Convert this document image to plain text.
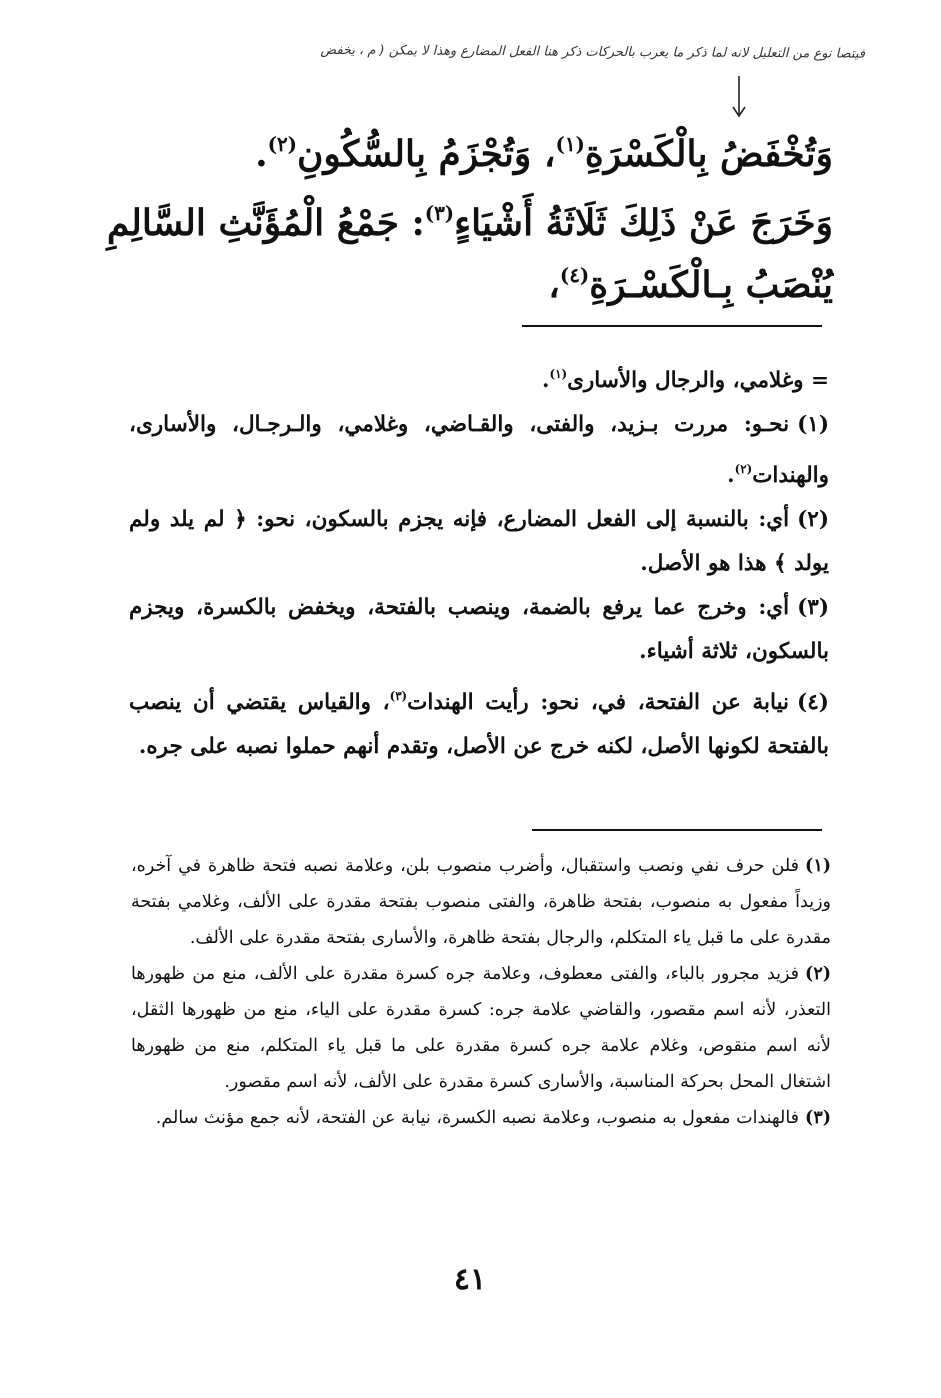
فيتصا نوع من التعليل لانه لما ذكر ما يعرب بالحركات ذكر هنا الفعل المضارع وهذا لا يمكن ( م ، يخفض
وَتُخْفَضُ بِالْكَسْرَةِ$^{(١)}$، وَتُجْزَمُ بِالسُّكُونِ$^{(٢)}$.
وَخَرَجَ عَنْ ذَلِكَ ثَلَاثَةُ أَشْيَاءٍ$^{(٣)}$: جَمْعُ الْمُؤَنَّثِ السَّالِمِ
يُنْصَبُ بِـالْكَسْـرَةِ$^{(٤)}$،

= وغلامي، والرجال والأسارى$^{(١)}$.

(١)نحـو: مررت بـزيد، والفتى، والقـاضي، وغلامي، والـرجـال، والأسارى، والهندات$^{(٢)}$.

(٢)أي: بالنسبة إلى الفعل المضارع، فإنه يجزم بالسكون، نحو: ﴿ لم يلد ولم يولد ﴾ هذا هو الأصل.

(٣)أي: وخرج عما يرفع بالضمة، وينصب بالفتحة، ويخفض بالكسرة، ويجزم بالسكون، ثلاثة أشياء.

(٤)نيابة عن الفتحة، في، نحو: رأيت الهندات$^{(٣)}$، والقياس يقتضي أن ينصب بالفتحة لكونها الأصل، لكنه خرج عن الأصل، وتقدم أنهم حملوا نصبه على جره.

(١)فلن حرف نفي ونصب واستقبال، وأضرب منصوب بلن، وعلامة نصبه فتحة ظاهرة في آخره، وزيداً مفعول به منصوب، بفتحة ظاهرة، والفتى منصوب بفتحة مقدرة على الألف، وغلامي بفتحة مقدرة على ما قبل ياء المتكلم، والرجال بفتحة ظاهرة، والأسارى بفتحة مقدرة على الألف.

(٢)فزيد مجرور بالباء، والفتى معطوف، وعلامة جره كسرة مقدرة على الألف، منع من ظهورها التعذر، لأنه اسم مقصور، والقاضي علامة جره: كسرة مقدرة على الياء، منع من ظهورها الثقل، لأنه اسم منقوص، وغلام علامة جره كسرة مقدرة على ما قبل ياء المتكلم، منع من ظهورها اشتغال المحل بحركة المناسبة، والأسارى كسرة مقدرة على الألف، لأنه اسم مقصور.

(٣)فالهندات مفعول به منصوب، وعلامة نصبه الكسرة، نيابة عن الفتحة، لأنه جمع مؤنث سالم.

٤١
